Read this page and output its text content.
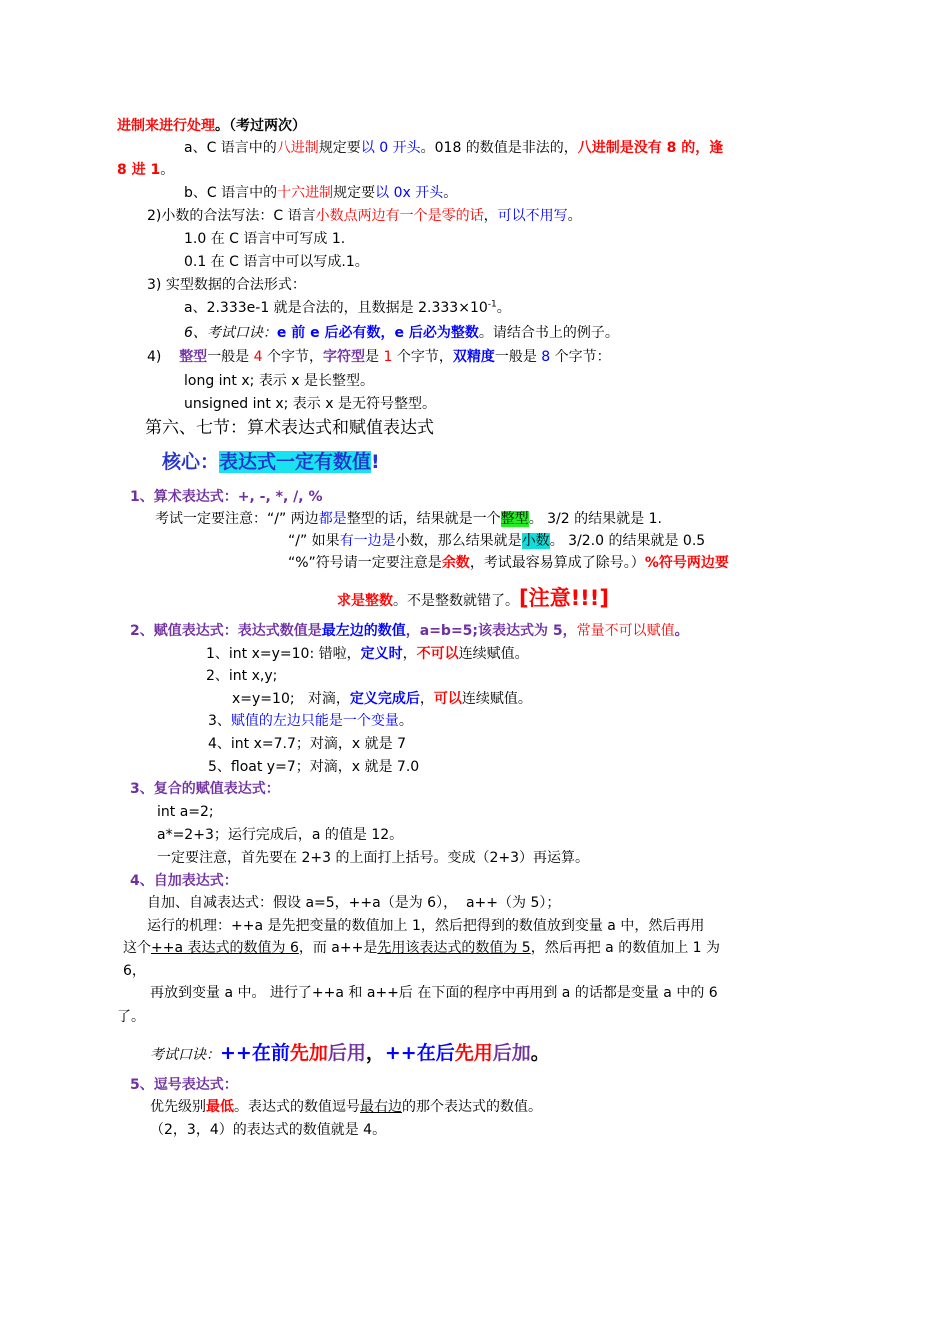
进制来进行处理。（考过两次）
a、C 语言中的八进制规定要以 0 开头。018 的数值是非法的，八进制是没有 8 的，逢
8 进 1。
b、C 语言中的十六进制规定要以 0x 开头。
2)小数的合法写法：C 语言小数点两边有一个是零的话，可以不用写。
1.0 在 C 语言中可写成 1.
0.1 在 C 语言中可以写成.1。
3) 实型数据的合法形式：
a、2.333e-1 就是合法的，且数据是 $2.333\times 10^{-1}$。
6、考试口诀：e 前 e 后必有数，e 后必为整数。请结合书上的例子。
4) 整型一般是 4 个字节，字符型是 1 个字节，双精度一般是 8 个字节：
long int x; 表示 x 是长整型。
unsigned int x; 表示 x 是无符号整型。
第六、七节：算术表达式和赋值表达式
核心：表达式一定有数值!
1、算术表达式：+, -, *, /, %
考试一定要注意：“/” 两边都是整型的话，结果就是一个整型。 3/2 的结果就是 1.
“/” 如果有一边是小数，那么结果就是小数。 3/2.0 的结果就是 0.5
“%”符号请一定要注意是余数，考试最容易算成了除号。）%符号两边要
求是整数。不是整数就错了。[注意!!!]
2、赋值表达式：表达式数值是最左边的数值，a=b=5;该表达式为 5，常量不可以赋值。
1、int x=y=10: 错啦，定义时，不可以连续赋值。
2、int x,y;
x=y=10;   对滴，定义完成后，可以连续赋值。
3、赋值的左边只能是一个变量。
4、int x=7.7；对滴，x 就是 7
5、float y=7；对滴，x 就是 7.0
3、复合的赋值表达式：
int a=2;
a*=2+3；运行完成后，a 的值是 12。
一定要注意，首先要在 2+3 的上面打上括号。变成（2+3）再运算。
4、自加表达式：
自加、自减表达式：假设 a=5，++a（是为 6），  a++（为 5）；
运行的机理：++a 是先把变量的数值加上 1，然后把得到的数值放到变量 a 中，然后再用
这个++a 表达式的数值为 6，而 a++是先用该表达式的数值为 5，然后再把 a 的数值加上 1 为
6，
再放到变量 a 中。 进行了++a 和 a++后 在下面的程序中再用到 a 的话都是变量 a 中的 6
了。
考试口诀：++在前先加后用，++在后先用后加。
5、逗号表达式：
优先级别最低。表达式的数值逗号最右边的那个表达式的数值。
（2，3，4）的表达式的数值就是 4。
